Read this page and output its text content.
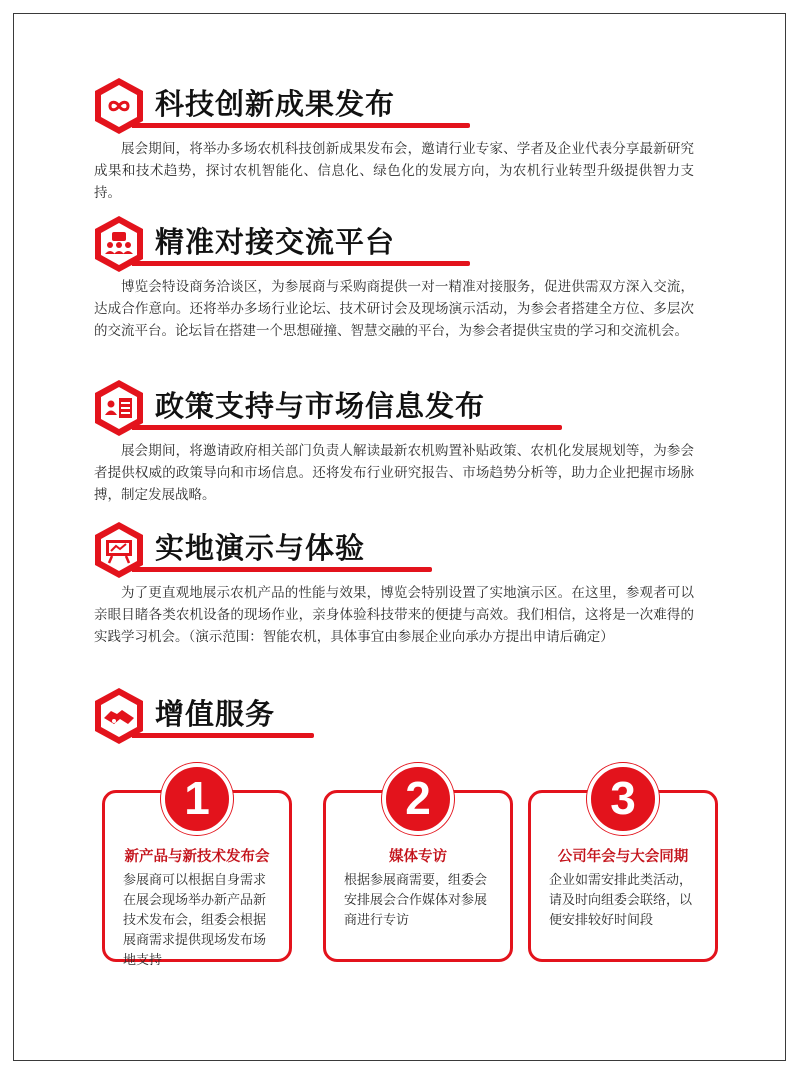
科技创新成果发布

展会期间，将举办多场农机科技创新成果发布会，邀请行业专家、学者及企业代表分享最新研究成果和技术趋势，探讨农机智能化、信息化、绿色化的发展方向，为农机行业转型升级提供智力支持。

精准对接交流平台

博览会特设商务洽谈区，为参展商与采购商提供一对一精准对接服务，促进供需双方深入交流，达成合作意向。还将举办多场行业论坛、技术研讨会及现场演示活动，为参会者搭建全方位、多层次的交流平台。论坛旨在搭建一个思想碰撞、智慧交融的平台，为参会者提供宝贵的学习和交流机会。

政策支持与市场信息发布

展会期间，将邀请政府相关部门负责人解读最新农机购置补贴政策、农机化发展规划等，为参会者提供权威的政策导向和市场信息。还将发布行业研究报告、市场趋势分析等，助力企业把握市场脉搏，制定发展战略。

实地演示与体验

为了更直观地展示农机产品的性能与效果，博览会特别设置了实地演示区。在这里，参观者可以亲眼目睹各类农机设备的现场作业，亲身体验科技带来的便捷与高效。我们相信，这将是一次难得的实践学习机会。（演示范围：智能农机，具体事宜由参展企业向承办方提出申请后确定）

增值服务
1
新产品与新技术发布会
参展商可以根据自身需求在展会现场举办新产品新技术发布会，组委会根据展商需求提供现场发布场地支持
2
媒体专访
根据参展商需要，组委会安排展会合作媒体对参展商进行专访
3
公司年会与大会同期
企业如需安排此类活动，请及时向组委会联络，以便安排较好时间段
